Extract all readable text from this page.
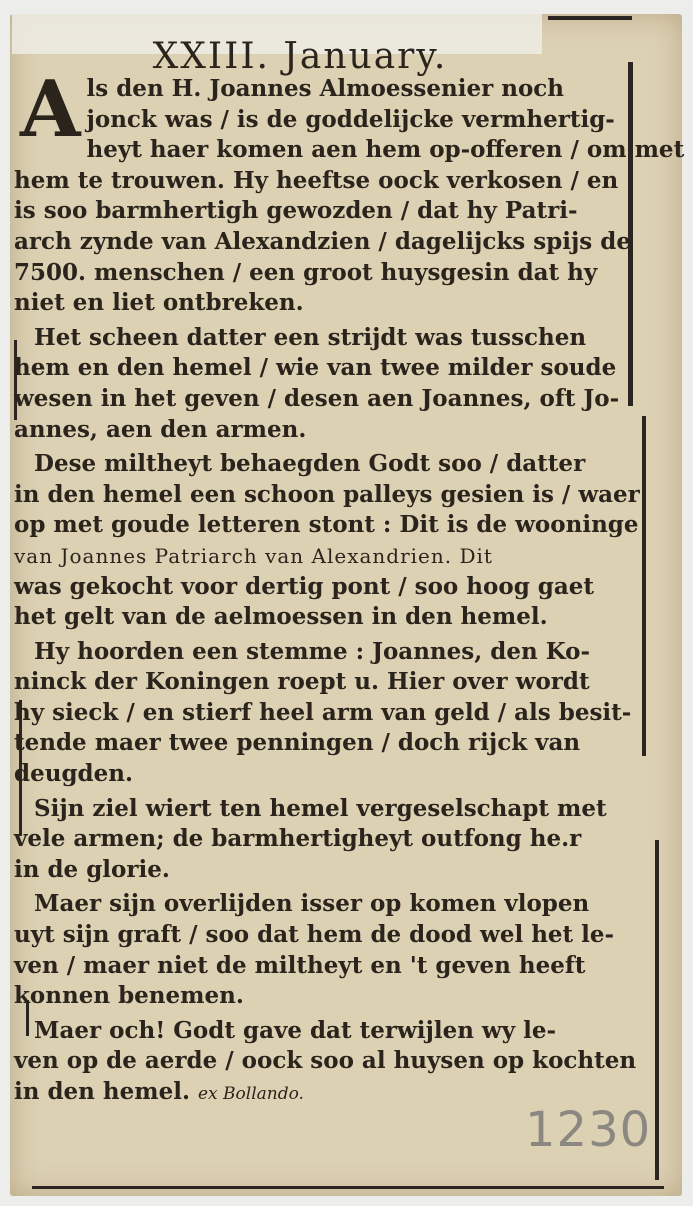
XXIII. January.
A ls den H. Joannes Almoessenier noch
jonck was / is de goddelijcke vermhertig-
heyt haer komen aen hem op-offeren / om met
hem te trouwen. Hy heeftse oock verkosen / en
is soo barmhertigh gewozden / dat hy Patri-
arch zynde van Alexandzien / dagelijcks spijs de
7500. menschen / een groot huysgesin dat hy
niet en liet ontbreken.
Het scheen datter een strijdt was tusschen
hem en den hemel / wie van twee milder soude
wesen in het geven / desen aen Joannes, oft Jo-
annes, aen den armen.
Dese miltheyt behaegden Godt soo / datter
in den hemel een schoon palleys gesien is / waer
op met goude letteren stont : Dit is de wooninge
van Joannes Patriarch van Alexandrien. Dit
was gekocht voor dertig pont / soo hoog gaet
het gelt van de aelmoessen in den hemel.
Hy hoorden een stemme : Joannes, den Ko-
ninck der Koningen roept u. Hier over wordt
hy sieck / en stierf heel arm van geld / als besit-
tende maer twee penningen / doch rijck van
deugden.
Sijn ziel wiert ten hemel vergeselschapt met
vele armen; de barmhertigheyt outfong he.r
in de glorie.
Maer sijn overlijden isser op komen vlopen
uyt sijn graft / soo dat hem de dood wel het le-
ven / maer niet de miltheyt en 't geven heeft
konnen benemen.
Maer och! Godt gave dat terwijlen wy le-
ven op de aerde / oock soo al huysen op kochten
in den hemel. ex Bollando.
1230
